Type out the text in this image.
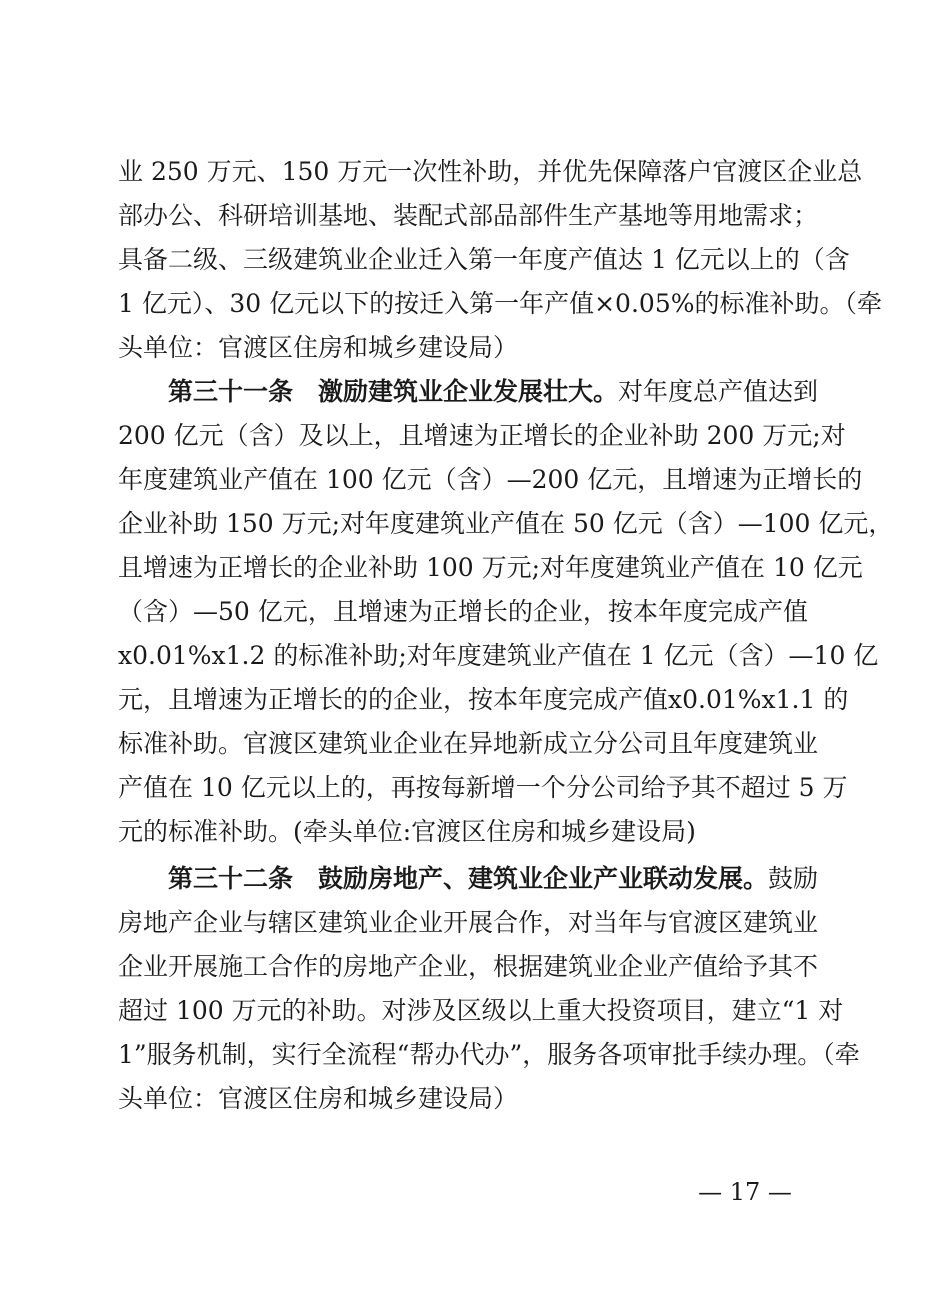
业 250 万元、150 万元一次性补助，并优先保障落户官渡区企业总
部办公、科研培训基地、装配式部品部件生产基地等用地需求；
具备二级、三级建筑业企业迁入第一年度产值达 1 亿元以上的（含
1 亿元）、30 亿元以下的按迁入第一年产值×0.05%的标准补助。（牵
头单位：官渡区住房和城乡建设局）
第三十一条　激励建筑业企业发展壮大。对年度总产值达到
200 亿元（含）及以上，且增速为正增长的企业补助 200 万元;对
年度建筑业产值在 100 亿元（含）—200 亿元，且增速为正增长的
企业补助 150 万元;对年度建筑业产值在 50 亿元（含）—100 亿元，
且增速为正增长的企业补助 100 万元;对年度建筑业产值在 10 亿元
（含）—50 亿元，且增速为正增长的企业，按本年度完成产值
x0.01%x1.2 的标准补助;对年度建筑业产值在 1 亿元（含）—10 亿
元，且增速为正增长的的企业，按本年度完成产值x0.01%x1.1 的
标准补助。官渡区建筑业企业在异地新成立分公司且年度建筑业
产值在 10 亿元以上的，再按每新增一个分公司给予其不超过 5 万
元的标准补助。(牵头单位:官渡区住房和城乡建设局)
第三十二条　鼓励房地产、建筑业企业产业联动发展。鼓励
房地产企业与辖区建筑业企业开展合作，对当年与官渡区建筑业
企业开展施工合作的房地产企业，根据建筑业企业产值给予其不
超过 100 万元的补助。对涉及区级以上重大投资项目，建立“1 对
1”服务机制，实行全流程“帮办代办”，服务各项审批手续办理。（牵
头单位：官渡区住房和城乡建设局）
— 17 —
